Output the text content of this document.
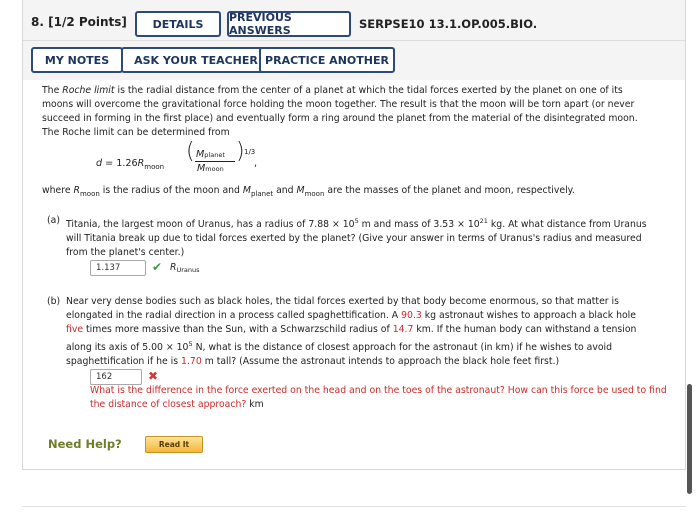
8. [1/2 Points]	DETAILS	PREVIOUS ANSWERS	SERPSE10 13.1.OP.005.BIO.
MY NOTES	ASK YOUR TEACHER PRACTICE ANOTHER

The Roche limit is the radial distance from the center of a planet at which the tidal forces exerted by the planet on one of its moons will overcome the gravitational force holding the moon together. The result is that the moon will be torn apart (or never succeed in forming in the first place) and eventually form a ring around the planet from the material of the disintegrated moon. The Roche limit can be determined from

$d = 1.26R_{moon}$
( Mplanet
Mmoon
) 1/3
,
where $R_{moon}$ is the radius of the moon and $M_{planet}$ and $M_{moon}$ are the masses of the planet and moon, respectively.
(a) Titania, the largest moon of Uranus, has a radius of $7.88 \times 10^5$ m and mass of $3.53 \times 10^{21}$ kg. At what distance from Uranus will Titania break up due to tidal forces exerted by the planet? (Give your answer in terms of Uranus's radius and measured from the planet's center.)
1.137	✔ $R_{Uranus}$
(b) Near very dense bodies such as black holes, the tidal forces exerted by that body become enormous, so that matter is elongated in the radial direction in a process called spaghettification. A 90.3 kg astronaut wishes to approach a black hole five times more massive than the Sun, with a Schwarzschild radius of 14.7 km. If the human body can withstand a tension along its axis of $5.00 \times 10^5$ N, what is the distance of closest approach for the astronaut (in km) if he wishes to avoid spaghettification if he is 1.70 m tall? (Assume the astronaut intends to approach the black hole feet first.)
162	✖
What is the difference in the force exerted on the head and on the toes of the astronaut? How can this force be used to find the distance of closest approach? km
Need Help?	Read It
